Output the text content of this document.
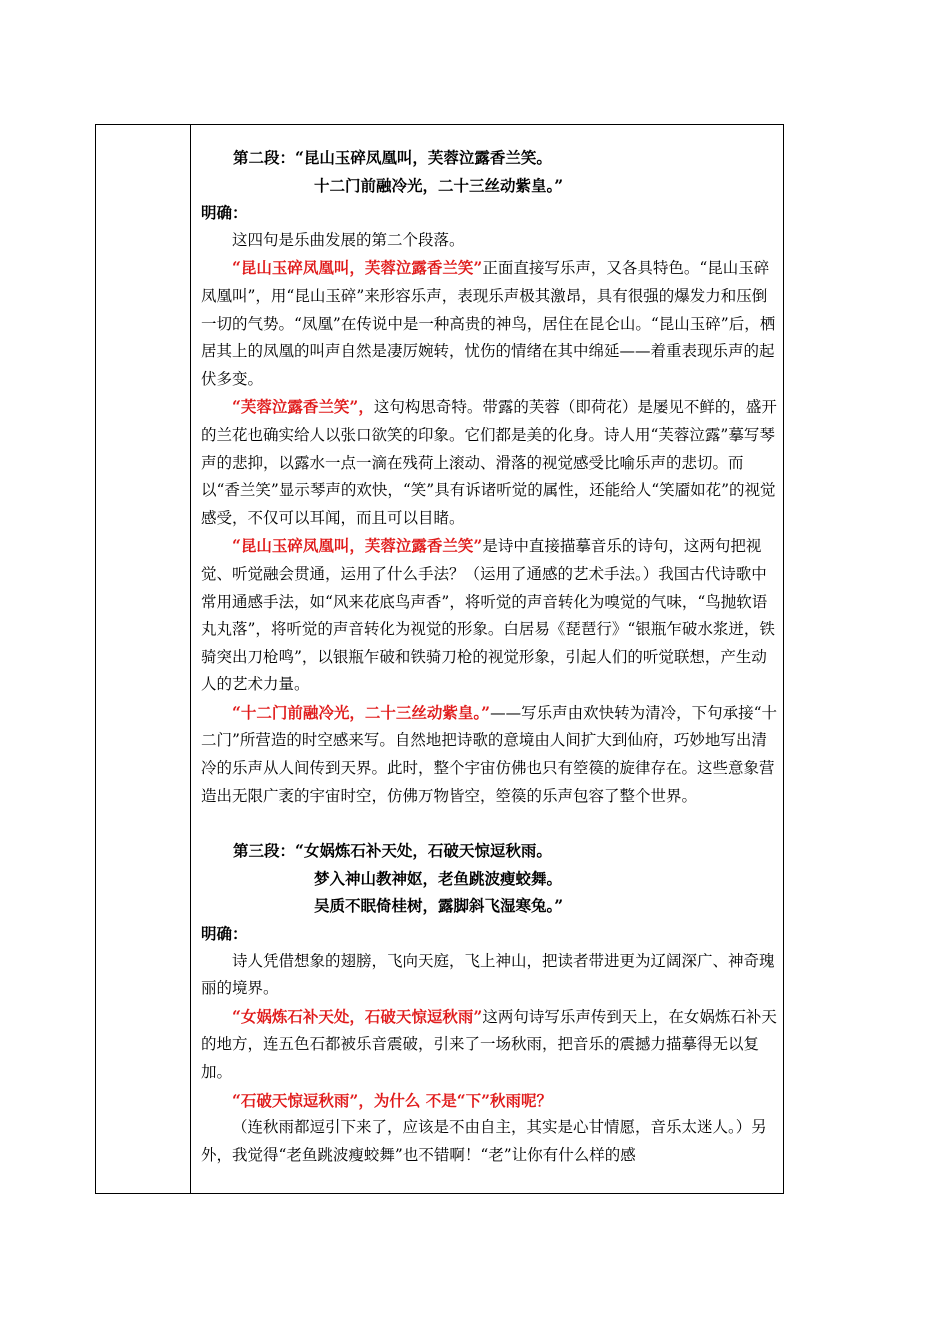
第二段：“昆山玉碎凤凰叫，芙蓉泣露香兰笑。

十二门前融冷光，二十三丝动紫皇。”

明确：

这四句是乐曲发展的第二个段落。

“昆山玉碎凤凰叫，芙蓉泣露香兰笑”正面直接写乐声，又各具特色。“昆山玉碎凤凰叫”，用“昆山玉碎”来形容乐声，表现乐声极其激昂，具有很强的爆发力和压倒一切的气势。“凤凰”在传说中是一种高贵的神鸟，居住在昆仑山。“昆山玉碎”后，栖居其上的凤凰的叫声自然是凄厉婉转，忧伤的情绪在其中绵延——着重表现乐声的起伏多变。

“芙蓉泣露香兰笑”，这句构思奇特。带露的芙蓉（即荷花）是屡见不鲜的，盛开的兰花也确实给人以张口欲笑的印象。它们都是美的化身。诗人用“芙蓉泣露”摹写琴声的悲抑，以露水一点一滴在残荷上滚动、滑落的视觉感受比喻乐声的悲切。而以“香兰笑”显示琴声的欢快，“笑”具有诉诸听觉的属性，还能给人“笑靥如花”的视觉感受，不仅可以耳闻，而且可以目睹。

“昆山玉碎凤凰叫，芙蓉泣露香兰笑”是诗中直接描摹音乐的诗句，这两句把视觉、听觉融会贯通，运用了什么手法？（运用了通感的艺术手法。）我国古代诗歌中常用通感手法，如“风来花底鸟声香”，将听觉的声音转化为嗅觉的气味，“鸟抛软语丸丸落”，将听觉的声音转化为视觉的形象。白居易《琵琶行》“银瓶乍破水浆迸，铁骑突出刀枪鸣”，以银瓶乍破和铁骑刀枪的视觉形象，引起人们的听觉联想，产生动人的艺术力量。

“十二门前融冷光，二十三丝动紫皇。”——写乐声由欢快转为清冷，下句承接“十二门”所营造的时空感来写。自然地把诗歌的意境由人间扩大到仙府，巧妙地写出清冷的乐声从人间传到天界。此时，整个宇宙仿佛也只有箜篌的旋律存在。这些意象营造出无限广袤的宇宙时空，仿佛万物皆空，箜篌的乐声包容了整个世界。

第三段：“女娲炼石补天处，石破天惊逗秋雨。

梦入神山教神妪，老鱼跳波瘦蛟舞。

吴质不眠倚桂树，露脚斜飞湿寒兔。”

明确：

诗人凭借想象的翅膀，飞向天庭，飞上神山，把读者带进更为辽阔深广、神奇瑰丽的境界。

“女娲炼石补天处，石破天惊逗秋雨”这两句诗写乐声传到天上，在女娲炼石补天的地方，连五色石都被乐音震破，引来了一场秋雨，把音乐的震撼力描摹得无以复加。

“石破天惊逗秋雨”，为什么 不是“下”秋雨呢？

（连秋雨都逗引下来了，应该是不由自主，其实是心甘情愿，音乐太迷人。）另外，我觉得“老鱼跳波瘦蛟舞”也不错啊！“老”让你有什么样的感
